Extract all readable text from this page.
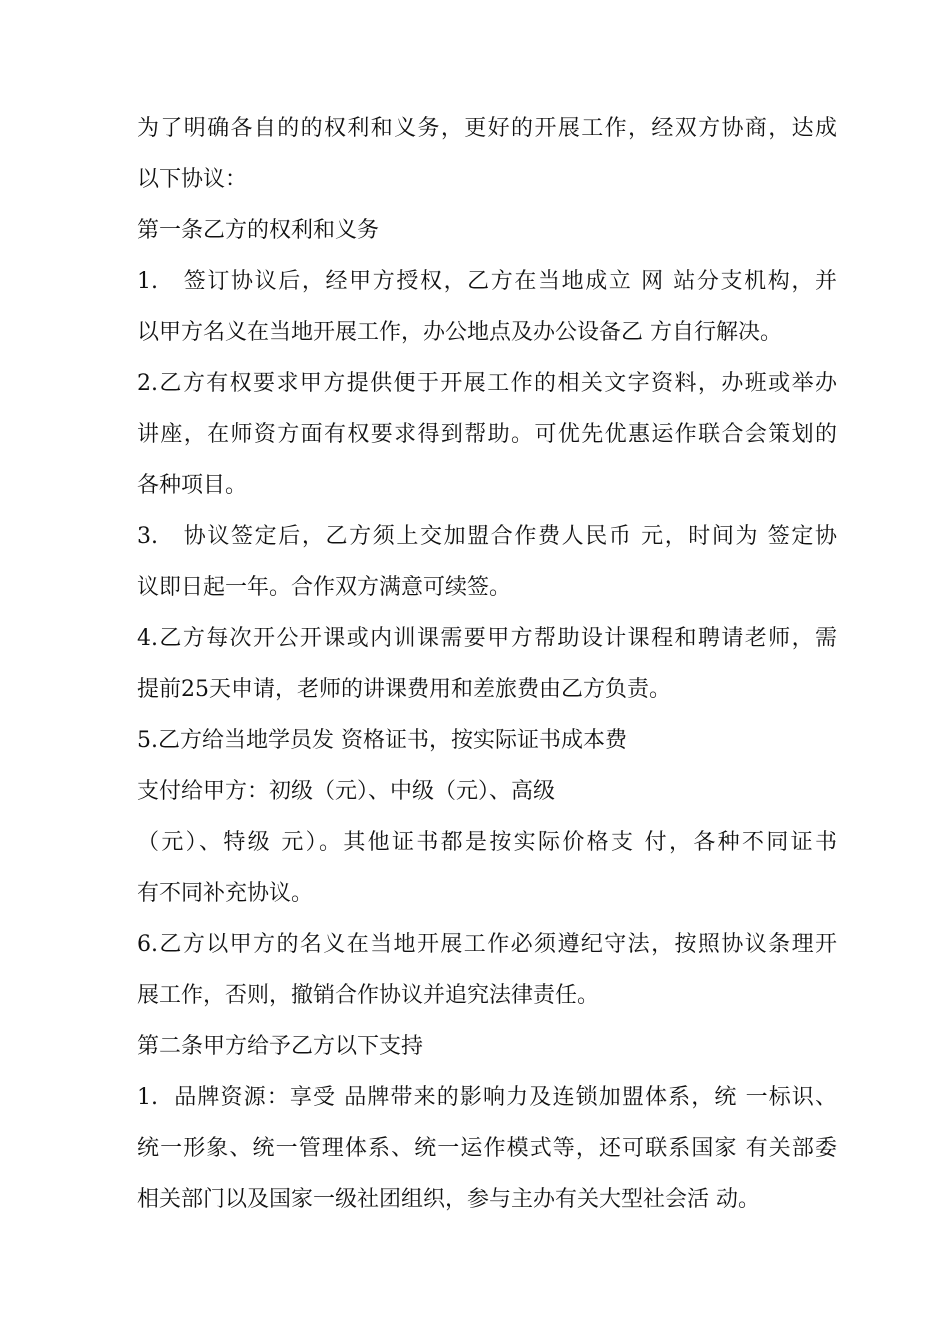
为了明确各自的的权利和义务，更好的开展工作，经双方协商，达成
以下协议：
第一条乙方的权利和义务
1.   签订协议后，经甲方授权，乙方在当地成立 网 站分支机构，并
以甲方名义在当地开展工作，办公地点及办公设备乙 方自行解决。
2.乙方有权要求甲方提供便于开展工作的相关文字资料，办班或举办
讲座，在师资方面有权要求得到帮助。可优先优惠运作联合会策划的
各种项目。
3.   协议签定后，乙方须上交加盟合作费人民币 元，时间为 签定协
议即日起一年。合作双方满意可续签。
4.乙方每次开公开课或内训课需要甲方帮助设计课程和聘请老师，需
提前25天申请，老师的讲课费用和差旅费由乙方负责。
5.乙方给当地学员发 资格证书，按实际证书成本费
支付给甲方：初级（元）、中级（元）、高级
（元）、特级 元）。其他证书都是按实际价格支 付，各种不同证书
有不同补充协议。
6.乙方以甲方的名义在当地开展工作必须遵纪守法，按照协议条理开
展工作，否则，撤销合作协议并追究法律责任。
第二条甲方给予乙方以下支持
1.  品牌资源：享受 品牌带来的影响力及连锁加盟体系，统 一标识、
统一形象、统一管理体系、统一运作模式等，还可联系国家 有关部委
相关部门以及国家一级社团组织，参与主办有关大型社会活 动。
